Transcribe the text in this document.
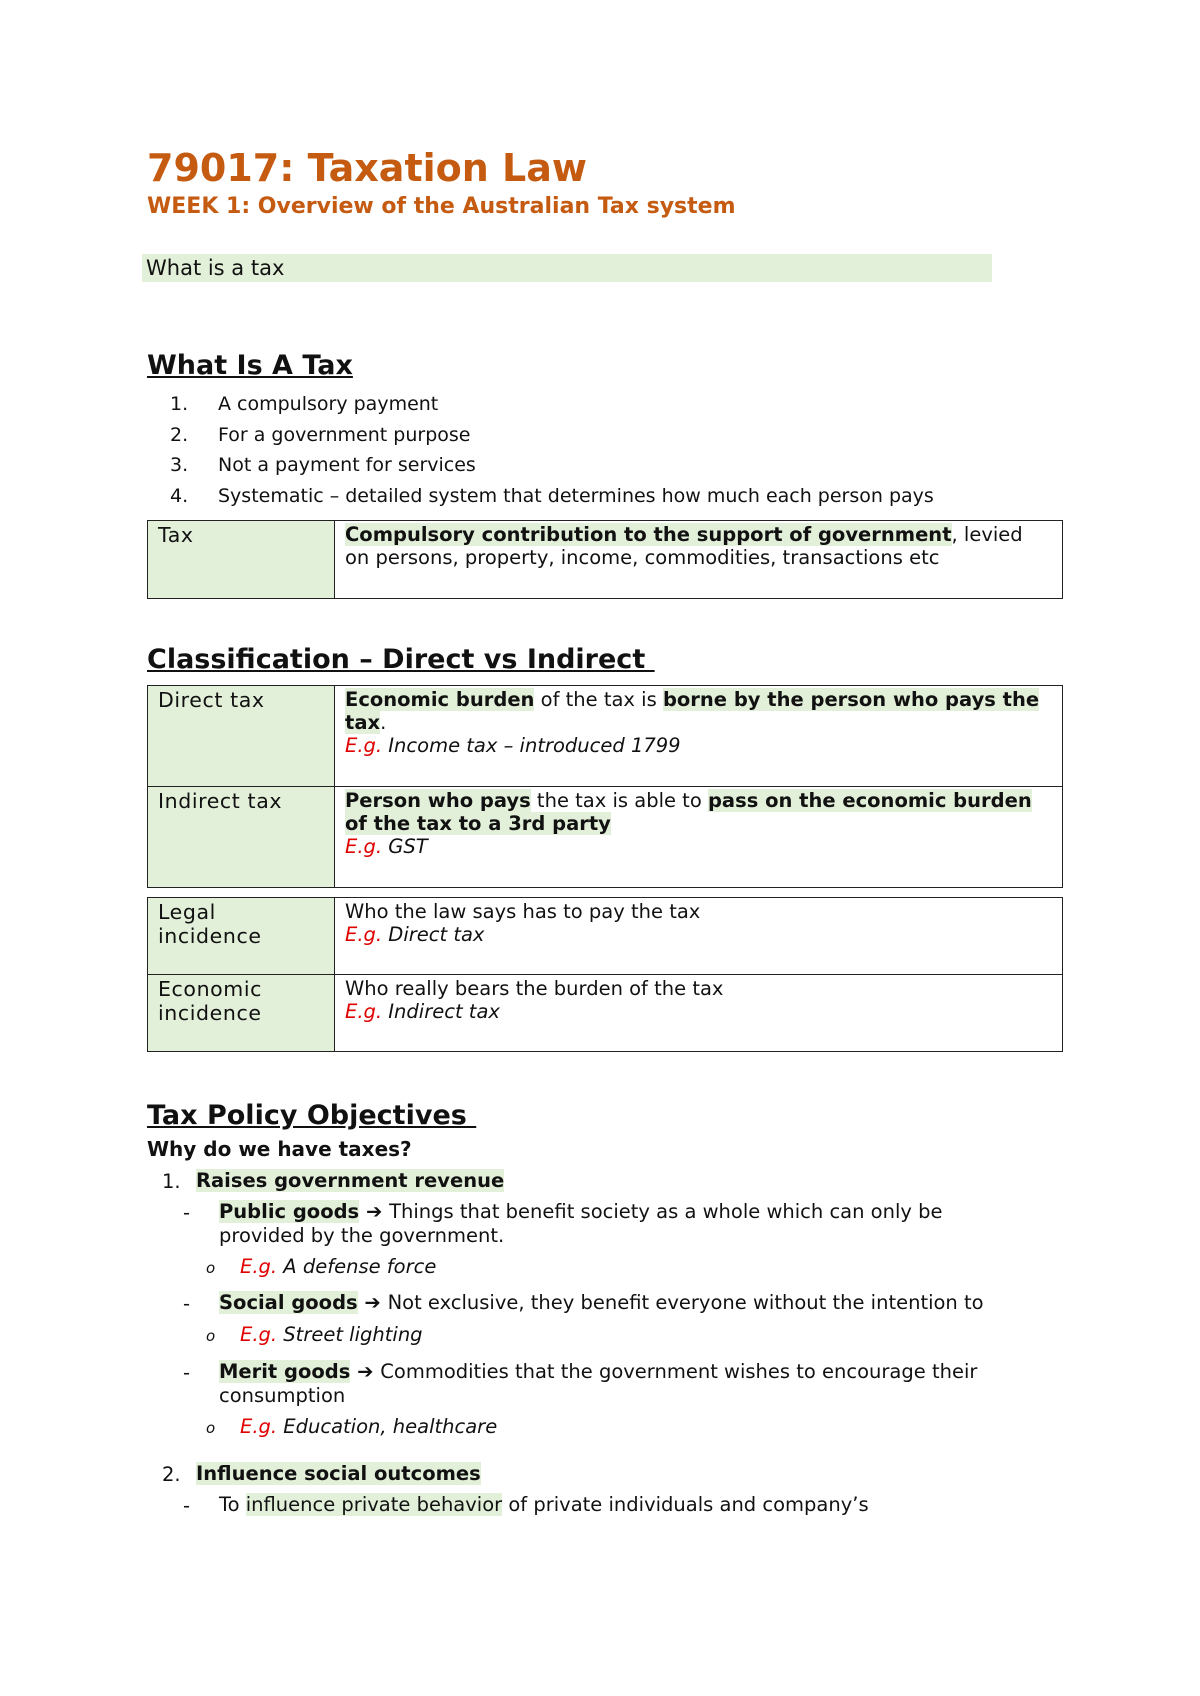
79017: Taxation Law
WEEK 1: Overview of the Australian Tax system
What is a tax
What Is A Tax
1. A compulsory payment
2. For a government purpose
3. Not a payment for services
4. Systematic – detailed system that determines how much each person pays
Tax	Compulsory contribution to the support of government, levied
on persons, property, income, commodities, transactions etc
Classification – Direct vs Indirect
Direct tax	Economic burden of the tax is borne by the person who pays the tax.
E.g. Income tax – introduced 1799
Indirect tax	Person who pays the tax is able to pass on the economic burden of the tax to a 3rd party
E.g. GST
Legal incidence	Who the law says has to pay the tax
E.g. Direct tax
Economic incidence	Who really bears the burden of the tax
E.g. Indirect tax
Tax Policy Objectives
Why do we have taxes?
1. Raises government revenue
- Public goods ➔ Things that benefit society as a whole which can only be
provided by the government.
o E.g. A defense force
- Social goods ➔ Not exclusive, they benefit everyone without the intention to
o E.g. Street lighting
- Merit goods ➔ Commodities that the government wishes to encourage their
consumption
o E.g. Education, healthcare
2. Influence social outcomes
- To influence private behavior of private individuals and company’s
